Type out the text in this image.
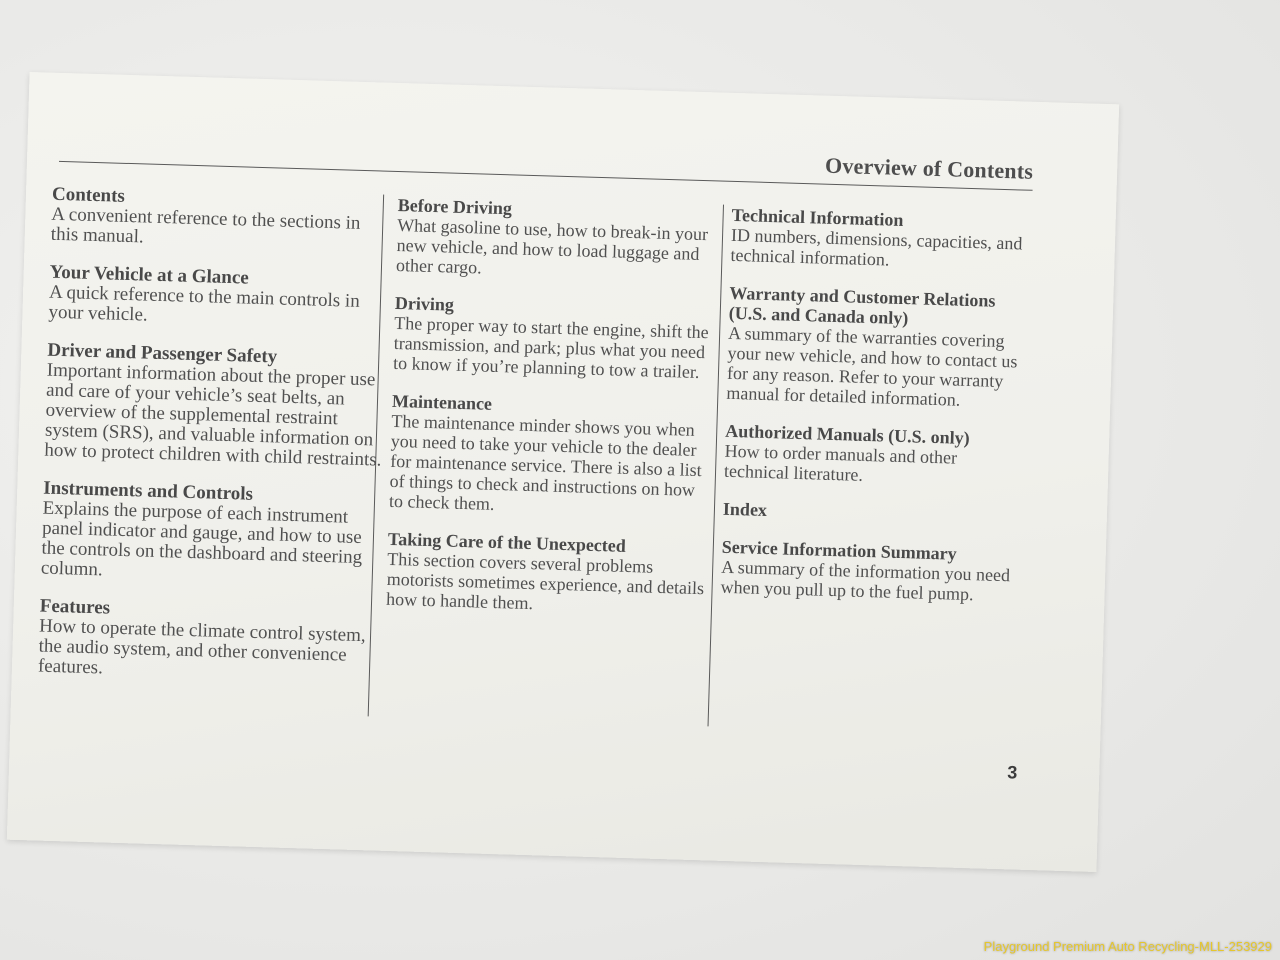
Overview of Contents
Contents
A convenient reference to the sections in this manual.
Your Vehicle at a Glance
A quick reference to the main controls in your vehicle.
Driver and Passenger Safety
Important information about the proper use and care of your vehicle’s seat belts, an overview of the supplemental restraint system (SRS), and valuable information on how to protect children with child restraints.
Instruments and Controls
Explains the purpose of each instrument panel indicator and gauge, and how to use the controls on the dashboard and steering column.
Features
How to operate the climate control system, the audio system, and other convenience features.
Before Driving
What gasoline to use, how to break-in your new vehicle, and how to load luggage and other cargo.
Driving
The proper way to start the engine, shift the transmission, and park; plus what you need to know if you’re planning to tow a trailer.
Maintenance
The maintenance minder shows you when you need to take your vehicle to the dealer for maintenance service. There is also a list of things to check and instructions on how to check them.
Taking Care of the Unexpected
This section covers several problems motorists sometimes experience, and details how to handle them.
Technical Information
ID numbers, dimensions, capacities, and technical information.
Warranty and Customer Relations (U.S. and Canada only)
A summary of the warranties covering your new vehicle, and how to contact us for any reason. Refer to your warranty manual for detailed information.
Authorized Manuals (U.S. only)
How to order manuals and other technical literature.
Index
Service Information Summary
A summary of the information you need when you pull up to the fuel pump.
3
Playground Premium Auto Recycling-MLL-253929
